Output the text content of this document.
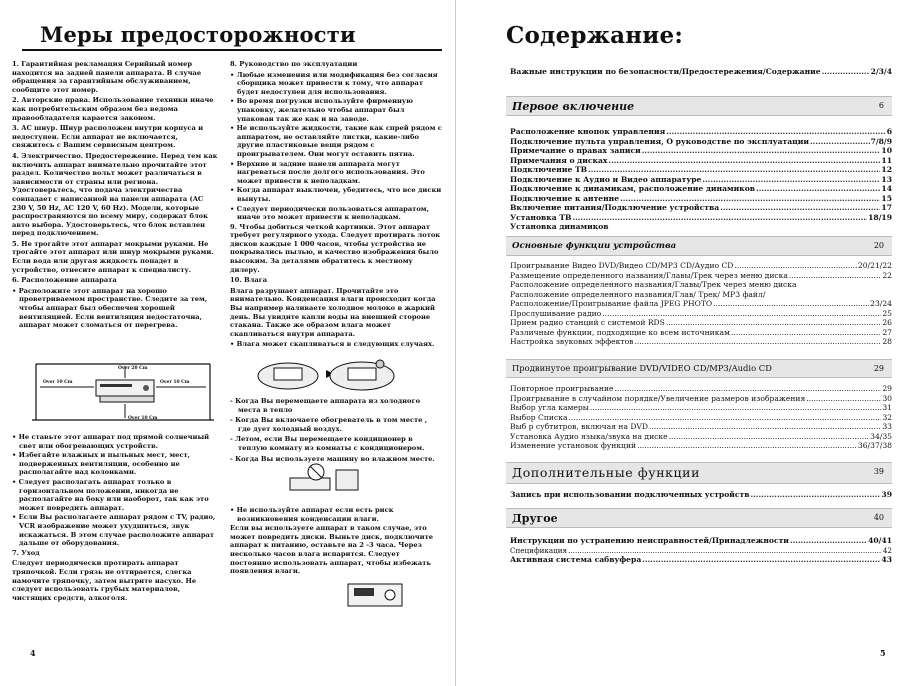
Меры предосторожности

1. Гарантийная рекламация Серийный номер находится на задней панели аппарата. В случае обращения за гарантийным обслуживанием, сообщите этот номер.

2. Авторские права. Использование техники иначе как потребительским образом без ведома правообладателя карается законом.

3. AC шнур. Шнур расположен внутри корпуса и недоступен. Если аппарат не включается, свяжитесь с Вашим сервисным центром.

4. Электричество. Предостережение. Перед тем как включить аппарат внимательно прочитайте этот раздел. Количество вольт может различаться в зависимости от страны или региона. Удостоверьтесь, что подача электричества совпадает с написанной на панели аппарата (AC 230 V, 50 Hz, AC 120 V, 60 Hz). Модели, которые распространяются по всему миру, содержат блок авто выбора. Удостоверьтесь, что блок вставлен перед подключением.

5. Не трогайте этот аппарат мокрыми руками. Не трогайте этот аппарат или шнур мокрыми руками. Если вода или другая жидкость попадет в устройство, отнесите аппарат к специалисту.

6. Расположение аппарата

• Расположите этот аппарат на хорошо проветриваемом пространстве. Следите за тем, чтобы аппарат был обеспечен хорошей вентиляцией. Если вентиляция недостаточна, аппарат может сломаться от перегрева.

Over 20 Cm
Over 10 Cm	Over 10 Cm
Over 10 Cm

• Не ставьте этот аппарат под прямой солнечный свет или обогревающих устройств.

• Избегайте влажных и пыльных мест, мест, подверженных вентиляции, особенно не располагайте над колонками.

• Следует располагать аппарат только в горизонтальном положении, никогда не располагайте на боку или наоборот, так как это может повредить аппарат.

• Если Вы располагаете аппарат рядом с TV, радио, VCR изображение может ухудшиться, звук искажаться. В этом случае расположите аппарат дальше от оборудования.

7. Уход

Следует периодически протирать аппарат тряпочкой. Если грязь не оттирается, слегка намочите тряпочку, затем вытрите насухо. Не следует использовать грубых материалов, чистящих средств, алкоголя.

8. Руководство по эксплуатации

• Любые изменения или модификация без согласия сборщика может привести к тому, что аппарат будет недоступен для использования.

• Во время погрузки используйте фирменную упаковку, желательно чтобы аппарат был упакован так же как и на заводе.

• Не используйте жидкости, такие как спрей рядом с аппаратом, не оставляйте листки, какие-либо другие пластиковые вещи рядом с проигрывателем. Они могут оставить пятна.

• Верхние и задние панели аппарата могут нагреваться после долгого использования. Это может привести к неполадкам.

• Когда аппарат выключен, убедитесь, что все диски вынуты.

• Следует периодически пользоваться аппаратом, иначе это может привести к неполадкам.

9. Чтобы добиться четкой картинки. Этот аппарат требует регулярного ухода. Следует протирать лоток дисков каждые 1 000 часов, чтобы устройства не покрывались пылью, и качество изображения было высоким. За деталями обратитесь к местному дилеру.

10. Влага

Влага разрушает аппарат. Прочитайте это внимательно. Конденсация влаги происходит когда Вы например наливаете холодное молоко в жаркий день. Вы увидите капли воды на внешней стороне стакана. Также же образом влага может скапливаться внутри аппарата.

• Влага может скапливаться в следующих случаях.

- Когда Вы перемещаете аппарата из холодного места в тепло

- Когда Вы включаете обогреватель в том месте , где дует холодный воздух.

- Летом, если Вы перемещаете кондиционер в теплую комнату из комнаты с кондиционером.

- Когда Вы используете машину во влажном месте.

• Не используйте аппарат если есть риск возникновения конденсации влаги.

Если вы используете аппарат в таком случае, это может повредить диски. Выньте диск, подключите аппарат к питанию, оставьте на 2 -3 часа. Через несколько часов влага испарится. Следует постоянно использовать аппарат, чтобы избежать появления влаги.

4
Содержание:
Важные инструкции по безопасности/Предостережения/Содержание .....	2/3/4
Первое включение	6
Расположение кнопок управления .....	6
Подключение пульта управления, О руководстве по эксплуатации .....	7/8/9
Примечание о правах записи .....	10
Примечания о дисках .....	11
Подключение ТВ .....	12
Подключение к Аудио и Видео аппаратуре .....	13
Подключение к динамикам, расположение динамиков .....	14
Подключение к антенне .....	15
Включение питания/Подключение устройства .....	17
Установка ТВ .....	18/19
Установка динамиков
Основные функции устройства	20
Проигрывание Видео DVD/Видео CD/MP3 CD/Аудио CD .....	20/21/22
Размещение определенного названия/Главы/Трек через меню диска .....	22
Расположение определенного названия/Главы/Трек через меню диска
Расположение определенного названия/Глав/ Трек/ МP3 файл/
Расположение/Проигрывание файла JPEG PHOTO .....	23/24
Прослушивание радио .....	25
Прием радио станций с системой RDS .....	26
Различные функции, подходящие ко всем источникам .....	27
Настройка звуковых эффектов .....	28
Продвинутое проигрывание DVD/VIDEO CD/MP3/Audio CD	29
Повторное проигрывание .....	29
Проигрывание в случайном порядке/Увеличение размеров изображения .....	30
Выбор угла камеры .....	31
Выбор Списка .....	32
Выб р субтитров, включая на DVD .....	33
Установка Аудио языка/звука на диске .....	34/35
Изменение установок функций .....	36/37/38
Дополнительные функции	39
Запись при использовании подключенных устройств .....	39
Другое	40
Инструкции по устранению неисправностей/Принадлежности .....	40/41
Спецификация .....	42
Активная система сабвуфера .....	43
5
